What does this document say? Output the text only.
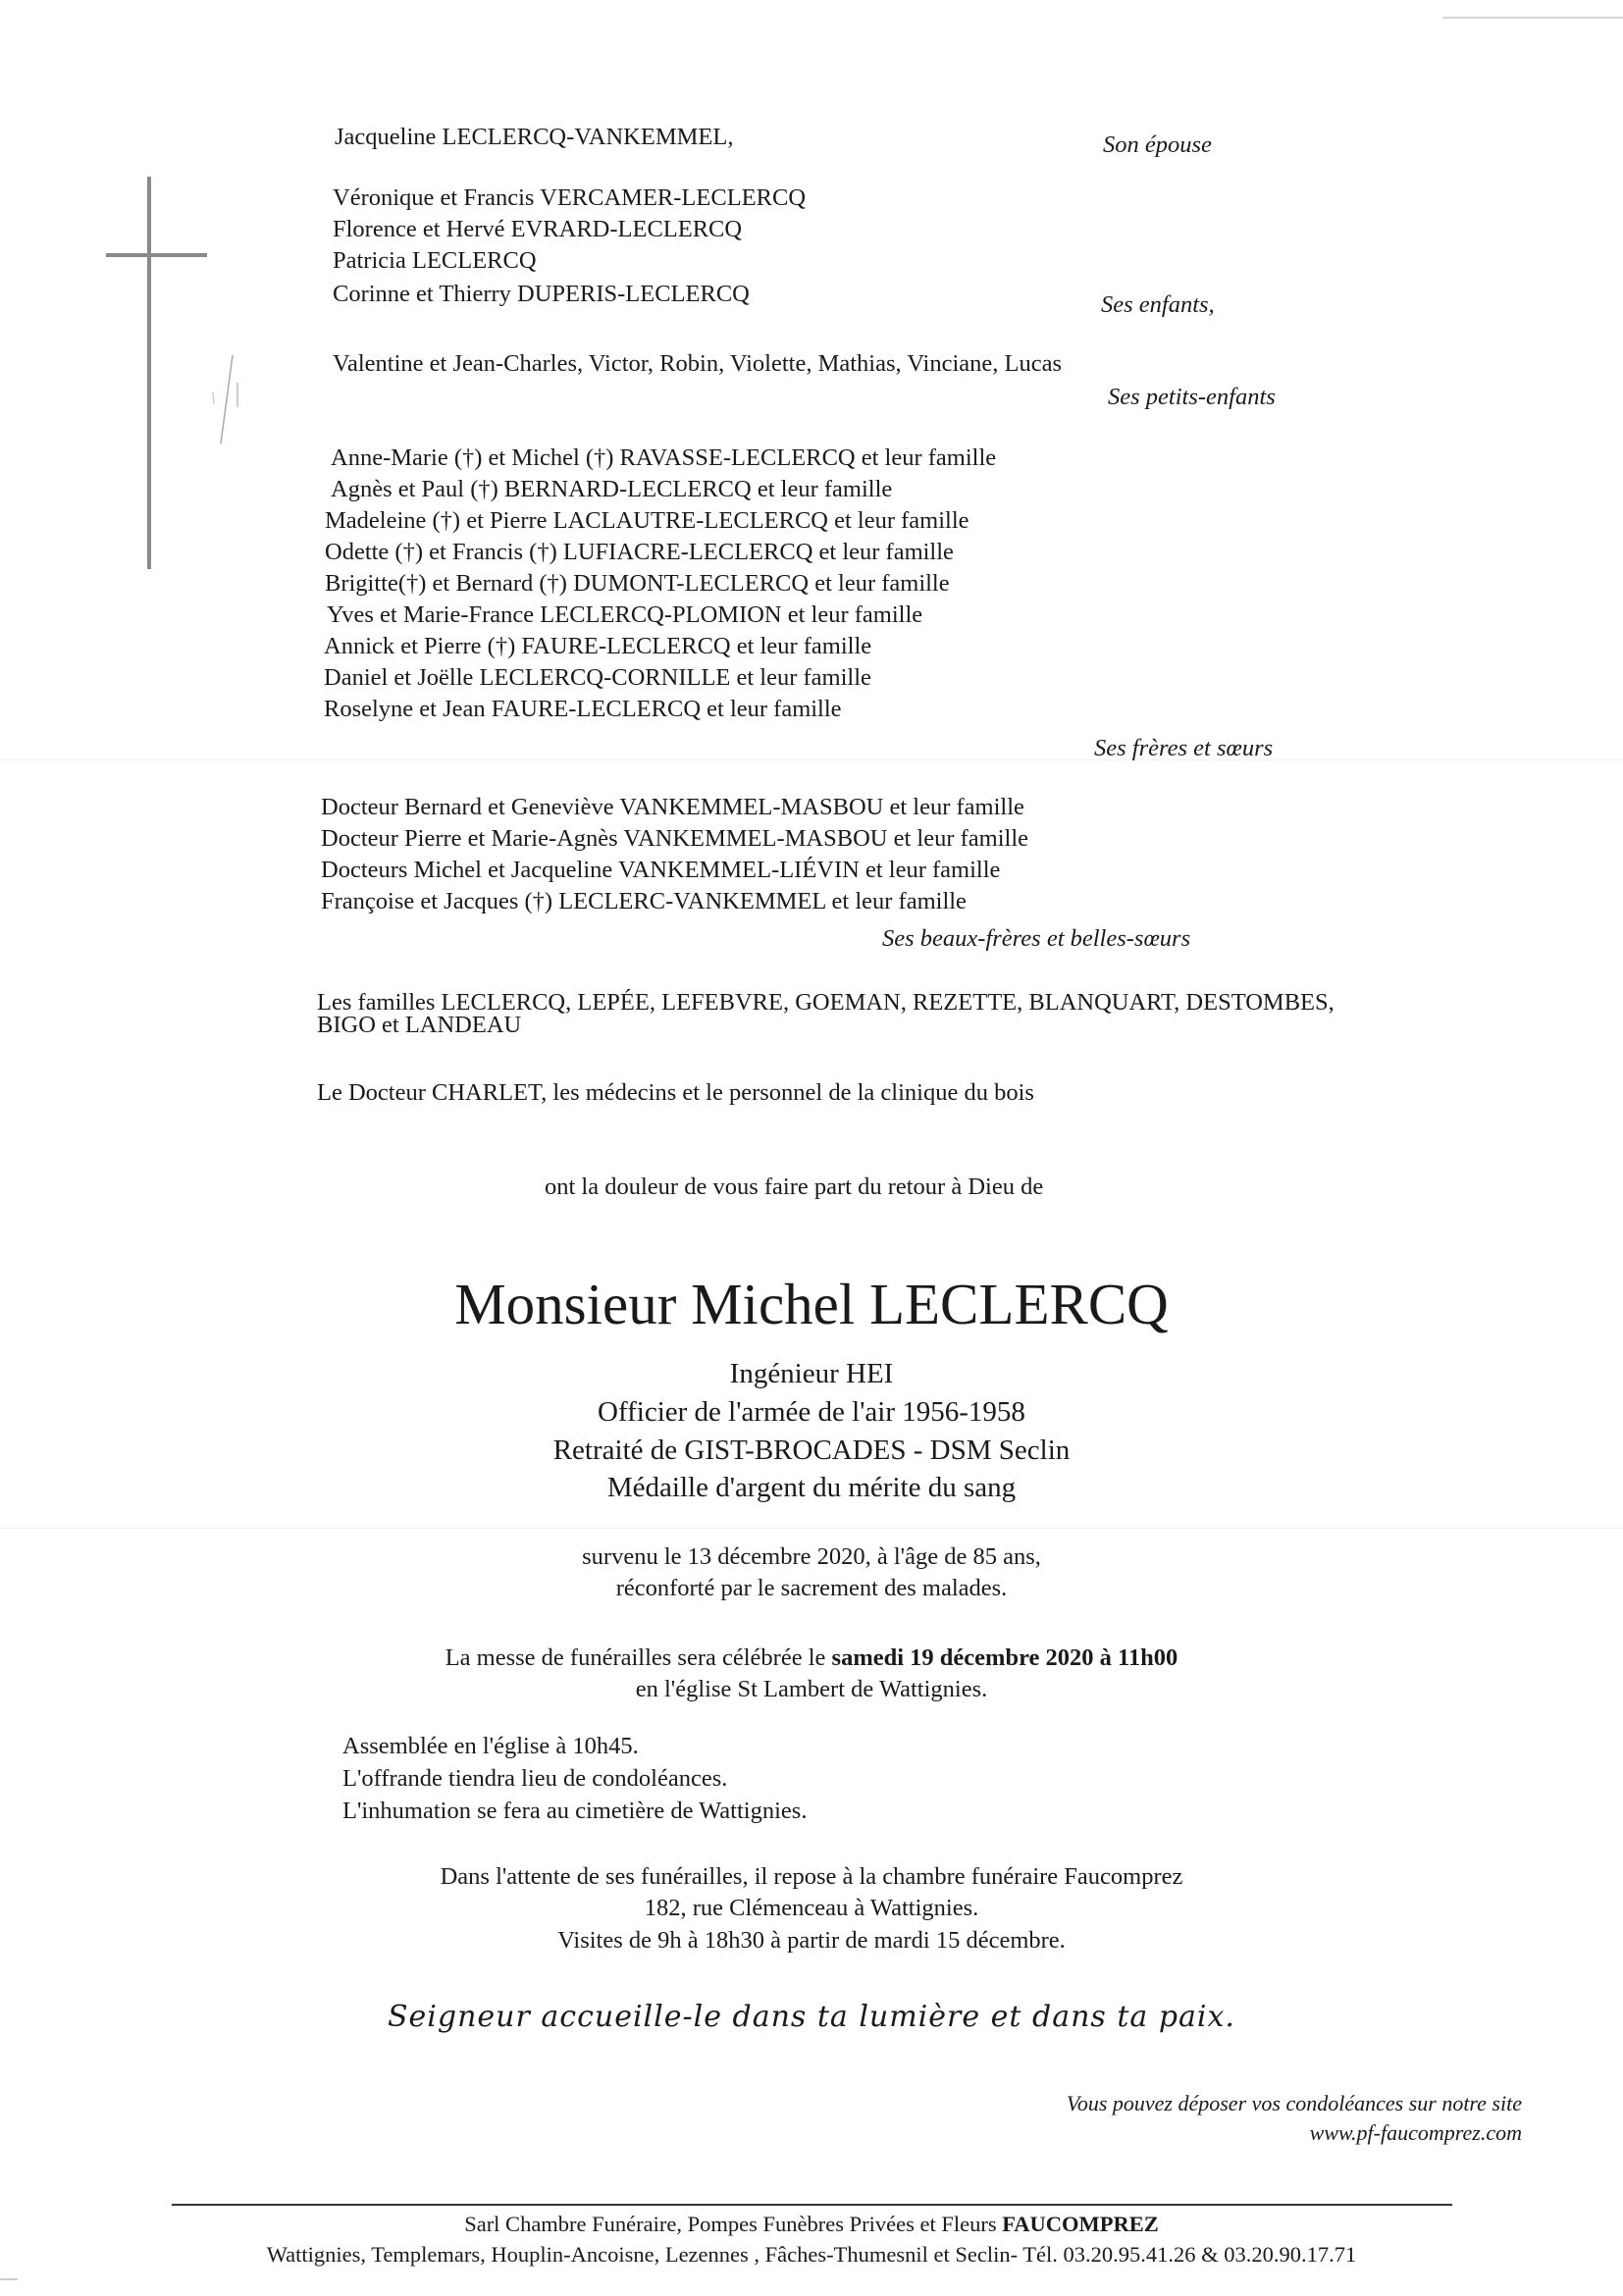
Jacqueline LECLERCQ-VANKEMMEL,	Son épouse
Véronique et Francis VERCAMER-LECLERCQ
Florence et Hervé EVRARD-LECLERCQ
Patricia LECLERCQ
Corinne et Thierry DUPERIS-LECLERCQ	Ses enfants,
Valentine et Jean-Charles, Victor, Robin, Violette, Mathias, Vinciane, Lucas
Ses petits-enfants
Anne-Marie (†) et Michel (†) RAVASSE-LECLERCQ et leur famille
Agnès et Paul (†) BERNARD-LECLERCQ et leur famille
Madeleine (†) et Pierre LACLAUTRE-LECLERCQ et leur famille
Odette (†) et Francis (†) LUFIACRE-LECLERCQ et leur famille
Brigitte(†) et Bernard (†) DUMONT-LECLERCQ et leur famille
Yves et Marie-France LECLERCQ-PLOMION et leur famille
Annick et Pierre (†) FAURE-LECLERCQ et leur famille
Daniel et Joëlle LECLERCQ-CORNILLE et leur famille
Roselyne et Jean FAURE-LECLERCQ et leur famille
Ses frères et sœurs
Docteur Bernard et Geneviève VANKEMMEL-MASBOU et leur famille
Docteur Pierre et Marie-Agnès VANKEMMEL-MASBOU et leur famille
Docteurs Michel et Jacqueline VANKEMMEL-LIÉVIN et leur famille
Françoise et Jacques (†) LECLERC-VANKEMMEL et leur famille
Ses beaux-frères et belles-sœurs
Les familles LECLERCQ, LEPÉE, LEFEBVRE, GOEMAN, REZETTE, BLANQUART, DESTOMBES,
BIGO et LANDEAU
Le Docteur CHARLET, les médecins et le personnel de la clinique du bois
ont la douleur de vous faire part du retour à Dieu de
Monsieur Michel LECLERCQ
Ingénieur HEI
Officier de l'armée de l'air 1956-1958
Retraité de GIST-BROCADES - DSM Seclin
Médaille d'argent du mérite du sang
survenu le 13 décembre 2020, à l'âge de 85 ans,
réconforté par le sacrement des malades.
La messe de funérailles sera célébrée le samedi 19 décembre 2020 à 11h00
en l'église St Lambert de Wattignies.
Assemblée en l'église à 10h45.
L'offrande tiendra lieu de condoléances.
L'inhumation se fera au cimetière de Wattignies.
Dans l'attente de ses funérailles, il repose à la chambre funéraire Faucomprez
182, rue Clémenceau à Wattignies.
Visites de 9h à 18h30 à partir de mardi 15 décembre.
Seigneur accueille-le dans ta lumière et dans ta paix.
Vous pouvez déposer vos condoléances sur notre site
www.pf-faucomprez.com
Sarl Chambre Funéraire, Pompes Funèbres Privées et Fleurs FAUCOMPREZ
Wattignies, Templemars, Houplin-Ancoisne, Lezennes , Fâches-Thumesnil et Seclin- Tél. 03.20.95.41.26 & 03.20.90.17.71
